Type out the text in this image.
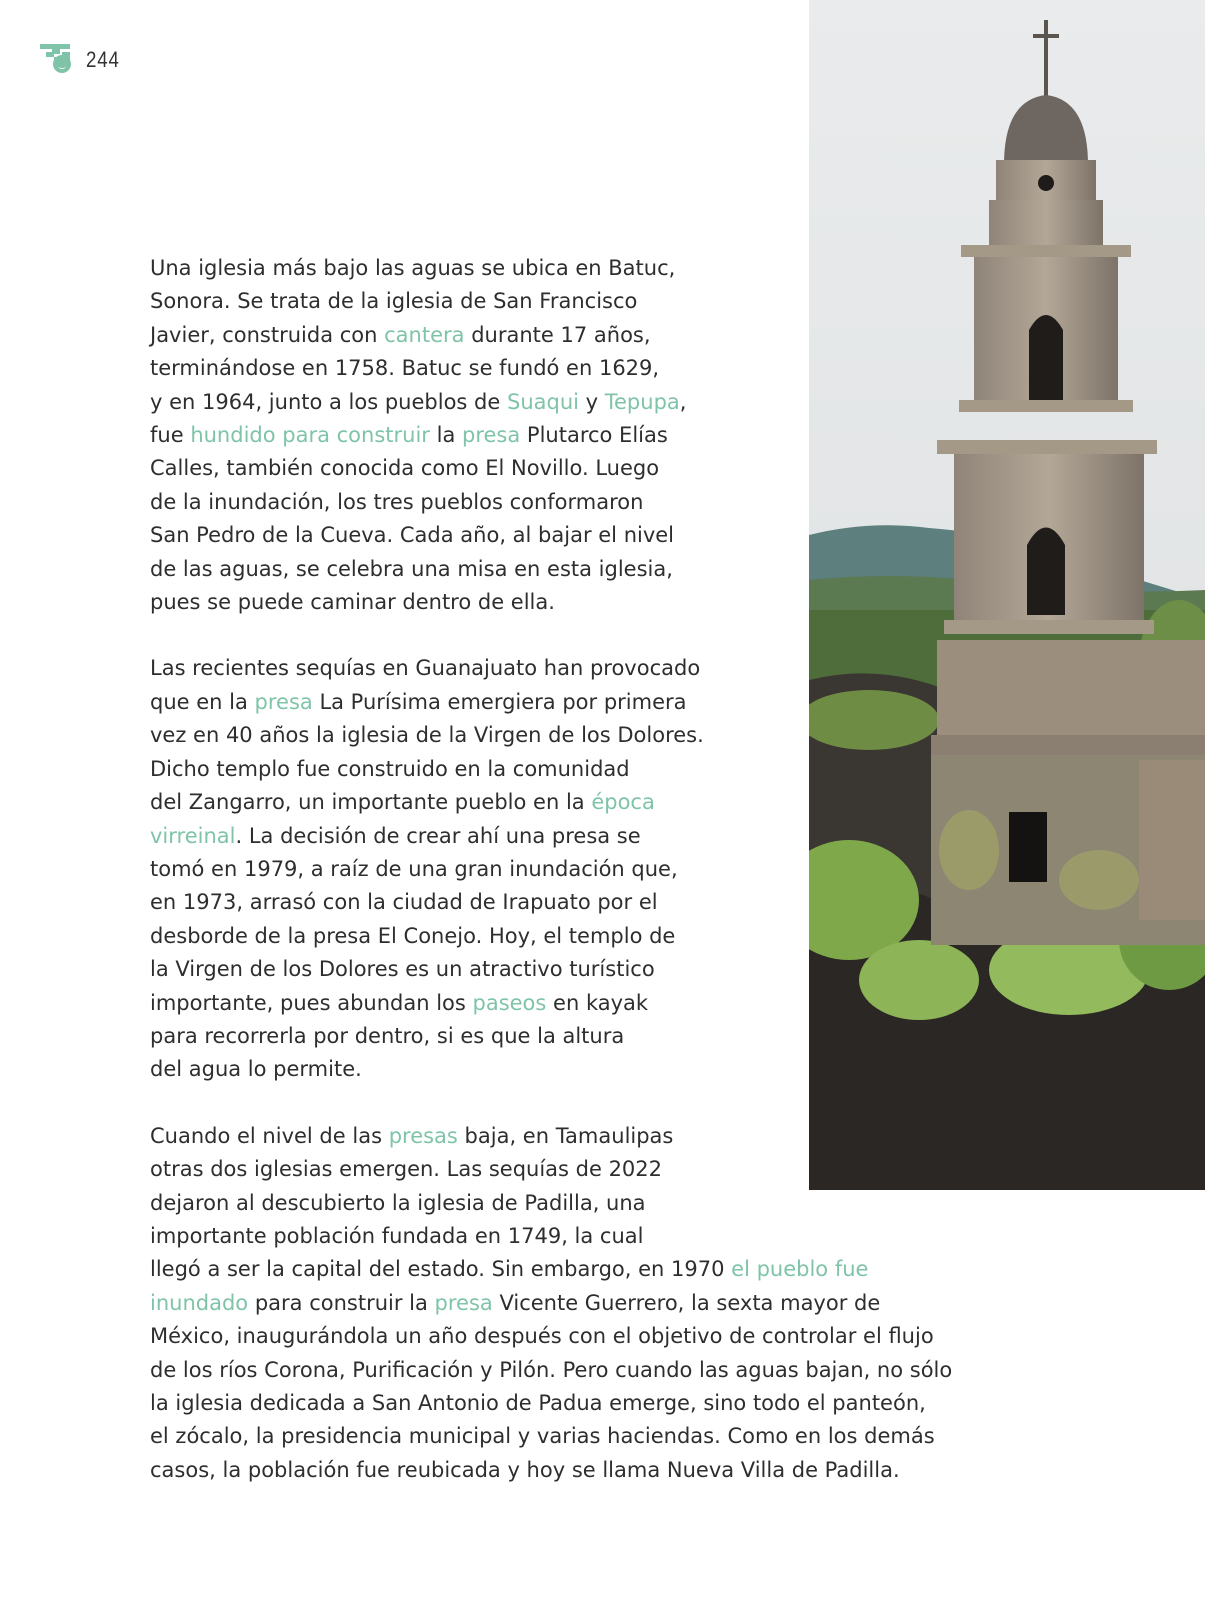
244

Una iglesia más bajo las aguas se ubica en Batuc,
Sonora. Se trata de la iglesia de San Francisco
Javier, construida con cantera durante 17 años,
terminándose en 1758. Batuc se fundó en 1629,
y en 1964, junto a los pueblos de Suaqui y Tepupa,
fue hundido para construir la presa Plutarco Elías
Calles, también conocida como El Novillo. Luego
de la inundación, los tres pueblos conformaron
San Pedro de la Cueva. Cada año, al bajar el nivel
de las aguas, se celebra una misa en esta iglesia,
pues se puede caminar dentro de ella.

Las recientes sequías en Guanajuato han provocado
que en la presa La Purísima emergiera por primera
vez en 40 años la iglesia de la Virgen de los Dolores.
Dicho templo fue construido en la comunidad
del Zangarro, un importante pueblo en la época
virreinal. La decisión de crear ahí una presa se
tomó en 1979, a raíz de una gran inundación que,
en 1973, arrasó con la ciudad de Irapuato por el
desborde de la presa El Conejo. Hoy, el templo de
la Virgen de los Dolores es un atractivo turístico
importante, pues abundan los paseos en kayak
para recorrerla por dentro, si es que la altura
del agua lo permite.

Cuando el nivel de las presas baja, en Tamaulipas
otras dos iglesias emergen. Las sequías de 2022
dejaron al descubierto la iglesia de Padilla, una
importante población fundada en 1749, la cual
llegó a ser la capital del estado. Sin embargo, en 1970 el pueblo fue
inundado para construir la presa Vicente Guerrero, la sexta mayor de
México, inaugurándola un año después con el objetivo de controlar el flujo
de los ríos Corona, Purificación y Pilón. Pero cuando las aguas bajan, no sólo
la iglesia dedicada a San Antonio de Padua emerge, sino todo el panteón,
el zócalo, la presidencia municipal y varias haciendas. Como en los demás
casos, la población fue reubicada y hoy se llama Nueva Villa de Padilla.
